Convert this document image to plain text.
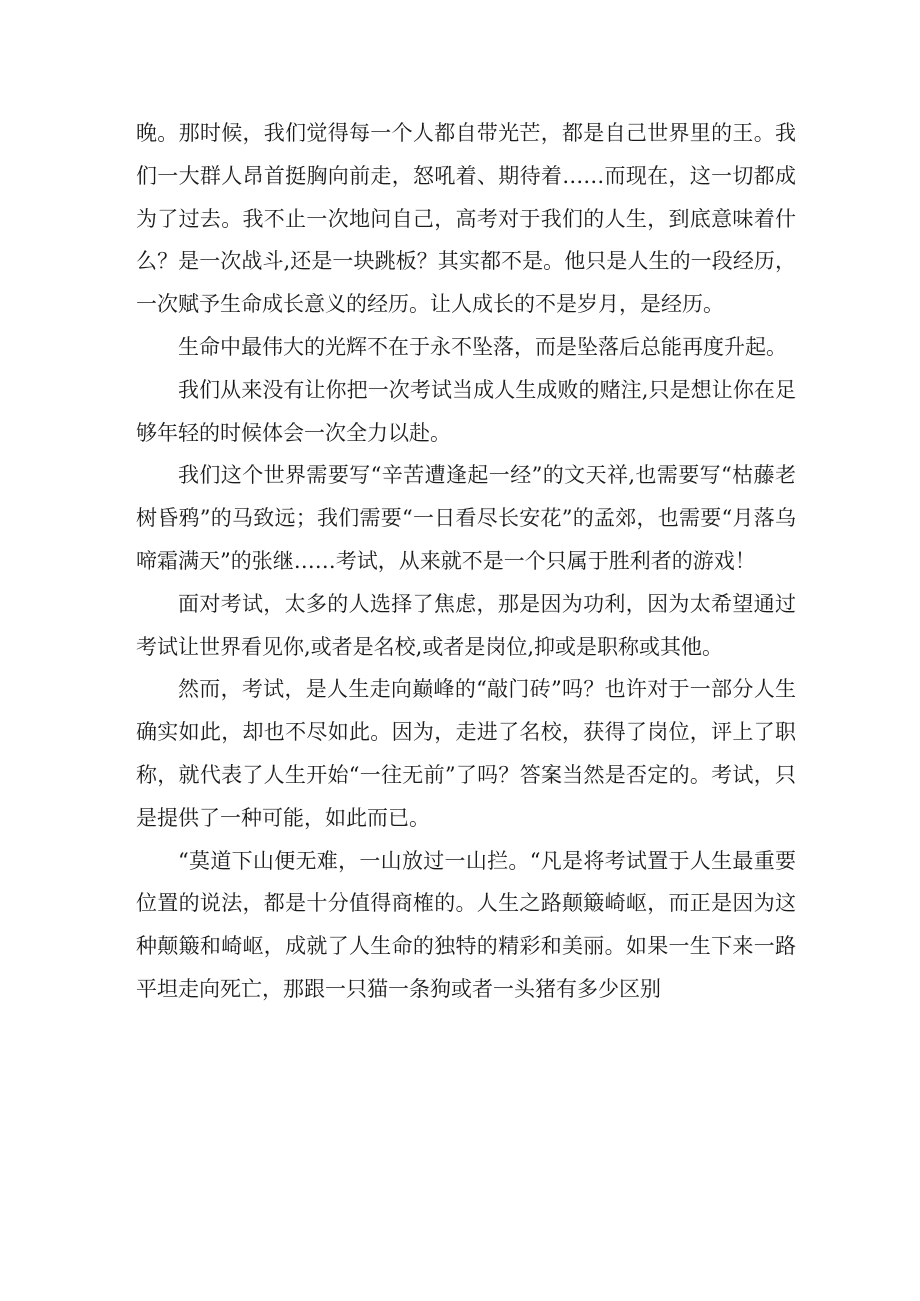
晚。那时候，我们觉得每一个人都自带光芒，都是自己世界里的王。我们一大群人昂首挺胸向前走，怒吼着、期待着……而现在，这一切都成为了过去。我不止一次地问自己，高考对于我们的人生，到底意味着什么？是一次战斗,还是一块跳板？其实都不是。他只是人生的一段经历，一次赋予生命成长意义的经历。让人成长的不是岁月，是经历。

生命中最伟大的光辉不在于永不坠落，而是坠落后总能再度升起。

我们从来没有让你把一次考试当成人生成败的赌注,只是想让你在足够年轻的时候体会一次全力以赴。

我们这个世界需要写“辛苦遭逢起一经”的文天祥,也需要写“枯藤老树昏鸦”的马致远；我们需要“一日看尽长安花”的孟郊，也需要“月落乌啼霜满天”的张继……考试，从来就不是一个只属于胜利者的游戏！

面对考试，太多的人选择了焦虑，那是因为功利，因为太希望通过考试让世界看见你,或者是名校,或者是岗位,抑或是职称或其他。

然而，考试，是人生走向巅峰的“敲门砖”吗？也许对于一部分人生确实如此，却也不尽如此。因为，走进了名校，获得了岗位，评上了职称，就代表了人生开始“一往无前”了吗？答案当然是否定的。考试，只是提供了一种可能，如此而已。

“莫道下山便无难，一山放过一山拦。“凡是将考试置于人生最重要位置的说法，都是十分值得商榷的。人生之路颠簸崎岖，而正是因为这种颠簸和崎岖，成就了人生命的独特的精彩和美丽。如果一生下来一路平坦走向死亡，那跟一只猫一条狗或者一头猪有多少区别
